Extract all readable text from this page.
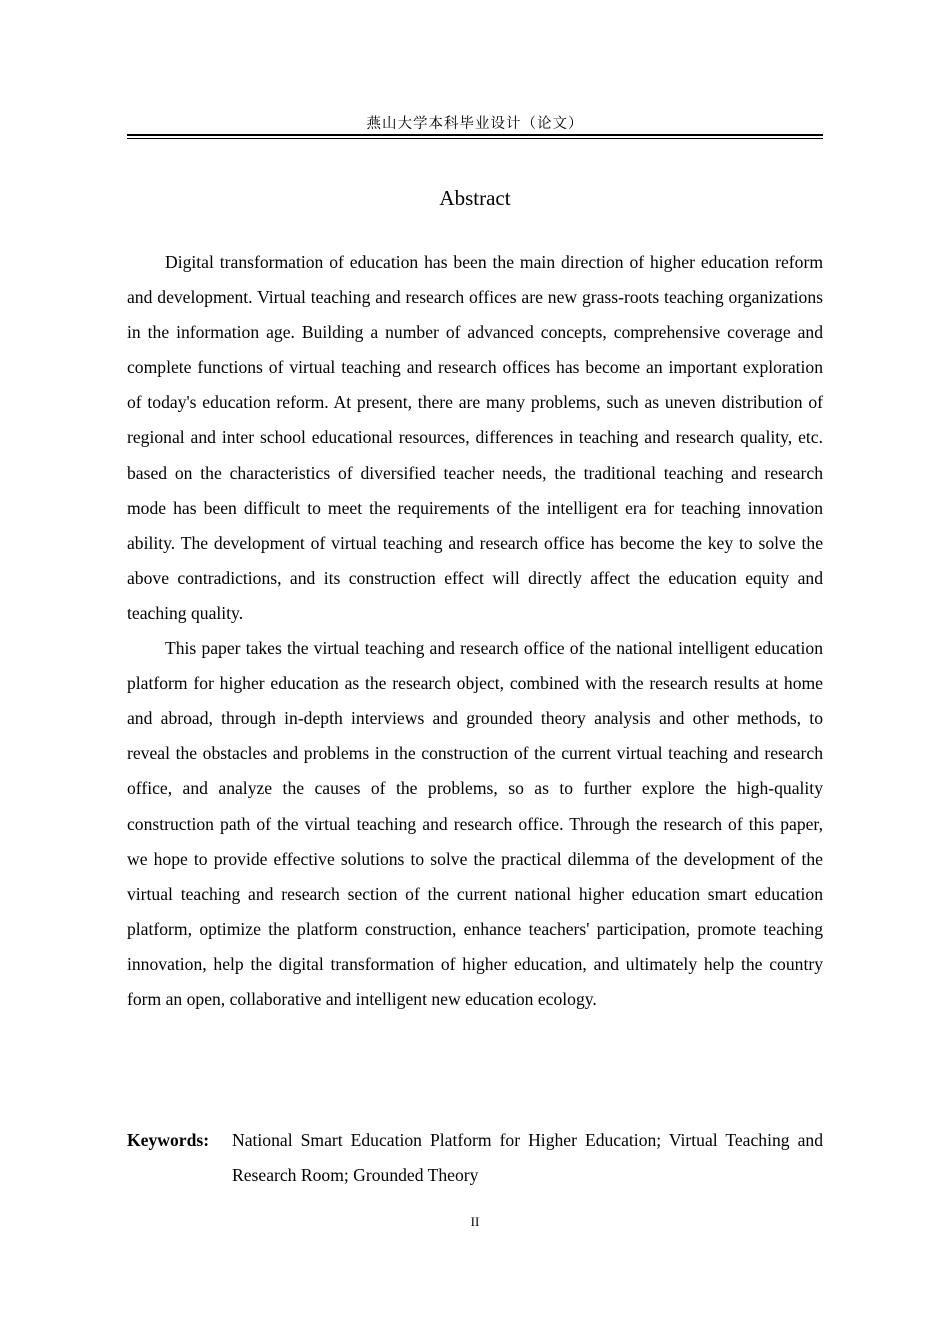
燕山大学本科毕业设计（论文）
Abstract

Digital transformation of education has been the main direction of higher education reform and development. Virtual teaching and research offices are new grass-roots teaching organizations in the information age. Building a number of advanced concepts, comprehensive coverage and complete functions of virtual teaching and research offices has become an important exploration of today's education reform. At present, there are many problems, such as uneven distribution of regional and inter school educational resources, differences in teaching and research quality, etc. based on the characteristics of diversified teacher needs, the traditional teaching and research mode has been difficult to meet the requirements of the intelligent era for teaching innovation ability. The development of virtual teaching and research office has become the key to solve the above contradictions, and its construction effect will directly affect the education equity and teaching quality.

This paper takes the virtual teaching and research office of the national intelligent education platform for higher education as the research object, combined with the research results at home and abroad, through in-depth interviews and grounded theory analysis and other methods, to reveal the obstacles and problems in the construction of the current virtual teaching and research office, and analyze the causes of the problems, so as to further explore the high-quality construction path of the virtual teaching and research office. Through the research of this paper, we hope to provide effective solutions to solve the practical dilemma of the development of the virtual teaching and research section of the current national higher education smart education platform, optimize the platform construction, enhance teachers' participation, promote teaching innovation, help the digital transformation of higher education, and ultimately help the country form an open, collaborative and intelligent new education ecology.

Keywords:	National Smart Education Platform for Higher Education; Virtual Teaching and Research Room; Grounded Theory
II
